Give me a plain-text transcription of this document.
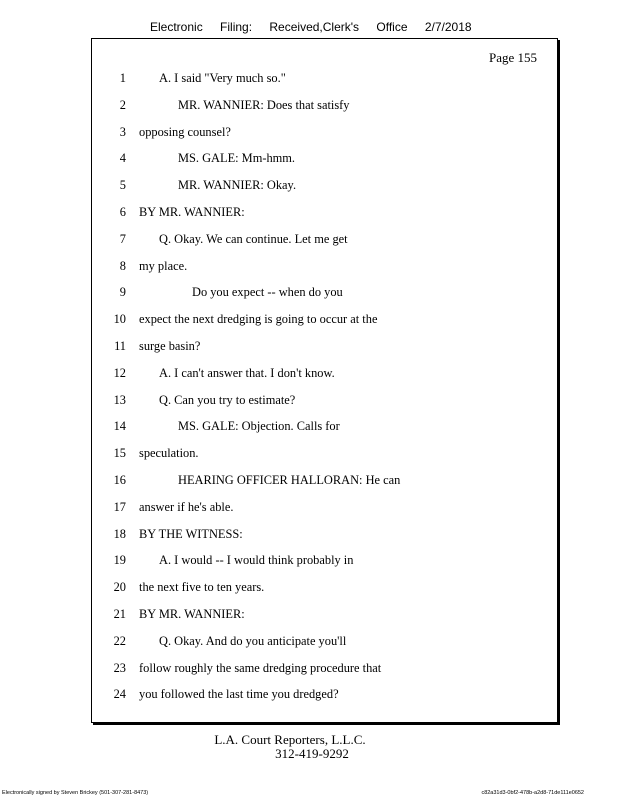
Electronic Filing: Received,Clerk's Office 2/7/2018
Page 155
1	A. I said "Very much so."
2	MR. WANNIER: Does that satisfy
3 opposing counsel?
4	MS. GALE: Mm-hmm.
5	MR. WANNIER: Okay.
6 BY MR. WANNIER:
7	Q. Okay. We can continue. Let me get
8 my place.
9	Do you expect -- when do you
10 expect the next dredging is going to occur at the
11 surge basin?
12	A. I can't answer that. I don't know.
13	Q. Can you try to estimate?
14	MS. GALE: Objection. Calls for
15 speculation.
16	HEARING OFFICER HALLORAN: He can
17 answer if he's able.
18 BY THE WITNESS:
19	A. I would -- I would think probably in
20 the next five to ten years.
21 BY MR. WANNIER:
22	Q. Okay. And do you anticipate you'll
23 follow roughly the same dredging procedure that
24 you followed the last time you dredged?
L.A. Court Reporters, L.L.C.
312-419-9292
Electronically signed by Steven Brickey (501-307-281-8473)	c82a31d3-0bf2-478b-a2d8-71de111e0652
